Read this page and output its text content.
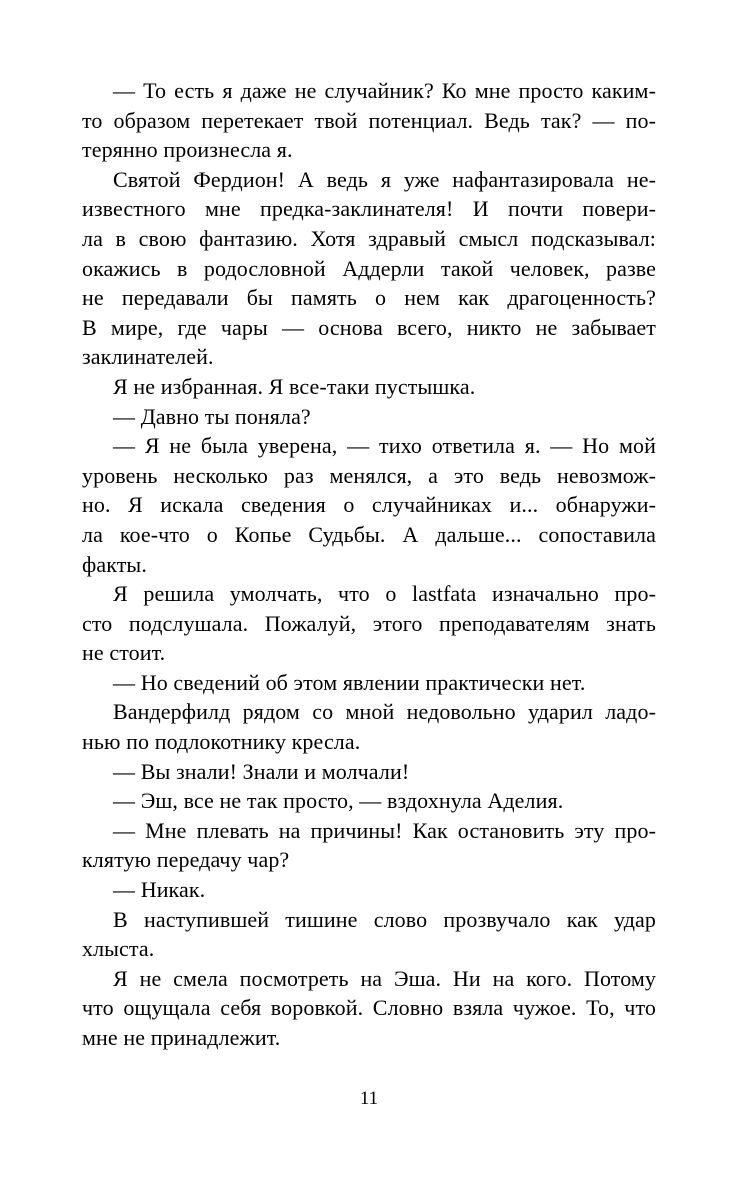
— То есть я даже не случайник? Ко мне просто каким-
то образом перетекает твой потенциал. Ведь так? — по-
терянно произнесла я.
Святой Фердион! А ведь я уже нафантазировала не-
известного мне предка-заклинателя! И почти повери-
ла в свою фантазию. Хотя здравый смысл подсказывал:
окажись в родословной Аддерли такой человек, разве
не передавали бы память о нем как драгоценность?
В мире, где чары — основа всего, никто не забывает
заклинателей.
Я не избранная. Я все-таки пустышка.
— Давно ты поняла?
— Я не была уверена, — тихо ответила я. — Но мой
уровень несколько раз менялся, а это ведь невозмож-
но. Я искала сведения о случайниках и... обнаружи-
ла кое-что о Копье Судьбы. А дальше... сопоставила
факты.
Я решила умолчать, что о lastfata изначально про-
сто подслушала. Пожалуй, этого преподавателям знать
не стоит.
— Но сведений об этом явлении практически нет.
Вандерфилд рядом со мной недовольно ударил ладо-
нью по подлокотнику кресла.
— Вы знали! Знали и молчали!
— Эш, все не так просто, — вздохнула Аделия.
— Мне плевать на причины! Как остановить эту про-
клятую передачу чар?
— Никак.
В наступившей тишине слово прозвучало как удар
хлыста.
Я не смела посмотреть на Эша. Ни на кого. Потому
что ощущала себя воровкой. Словно взяла чужое. То, что
мне не принадлежит.
11
